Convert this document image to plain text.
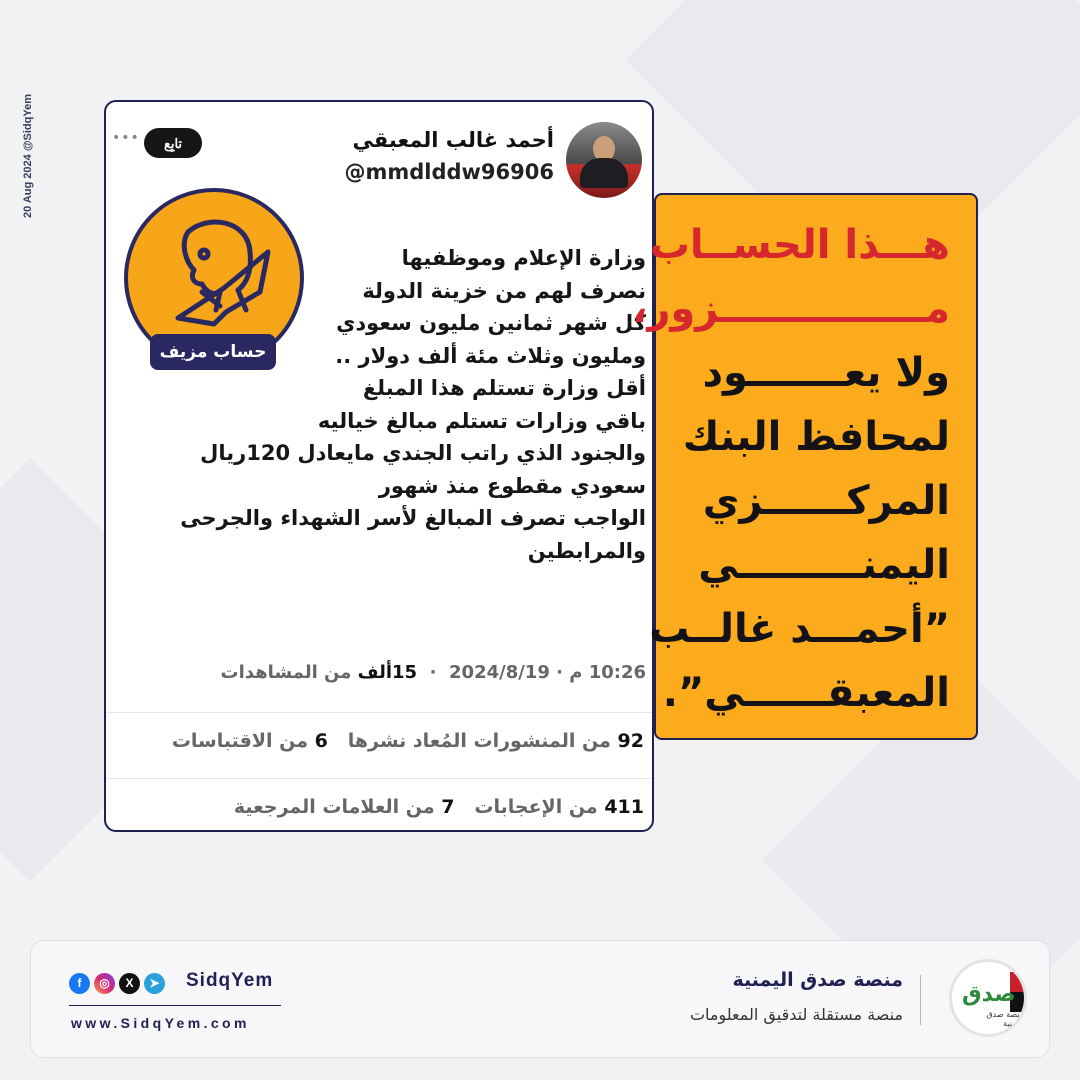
20 Aug 2024 @SidqYem	أحمد غالب المعبقي
@mmdlddw96906
تابِع
•••
حساب مزيف
وزارة الإعلام وموظفيها
نصرف لهم من خزينة الدولة
كل شهر ثمانين مليون سعودي
ومليون وثلاث مئة ألف دولار ..
أقل وزارة تستلم هذا المبلغ
باقي وزارات تستلم مبالغ خياليه
والجنود الذي راتب الجندي مايعادل 120ريال
سعودي مقطوع منذ شهور
الواجب تصرف المبالغ لأسر الشهداء والجرحى
والمرابطين
10:26 م · 2024/8/19  ·  15ألف من المشاهدات
92 من المنشورات المُعاد نشرها   6 من الاقتباسات
411 من الإعجابات   7 من العلامات المرجعية
هـــذا الحســاب
مـــــــــــــــزور،
ولا يعـــــــود
لمحافظ البنك
المركــــــزي
اليمنـــــــــي
”أحمـــد غالــب
المعبقــــــي”.
صدق
منصة صدق اليمنية
منصة صدق اليمنية
منصة مستقلة لتدقيق المعلومات
f	◎	X	➤ SidqYem
www.SidqYem.com
